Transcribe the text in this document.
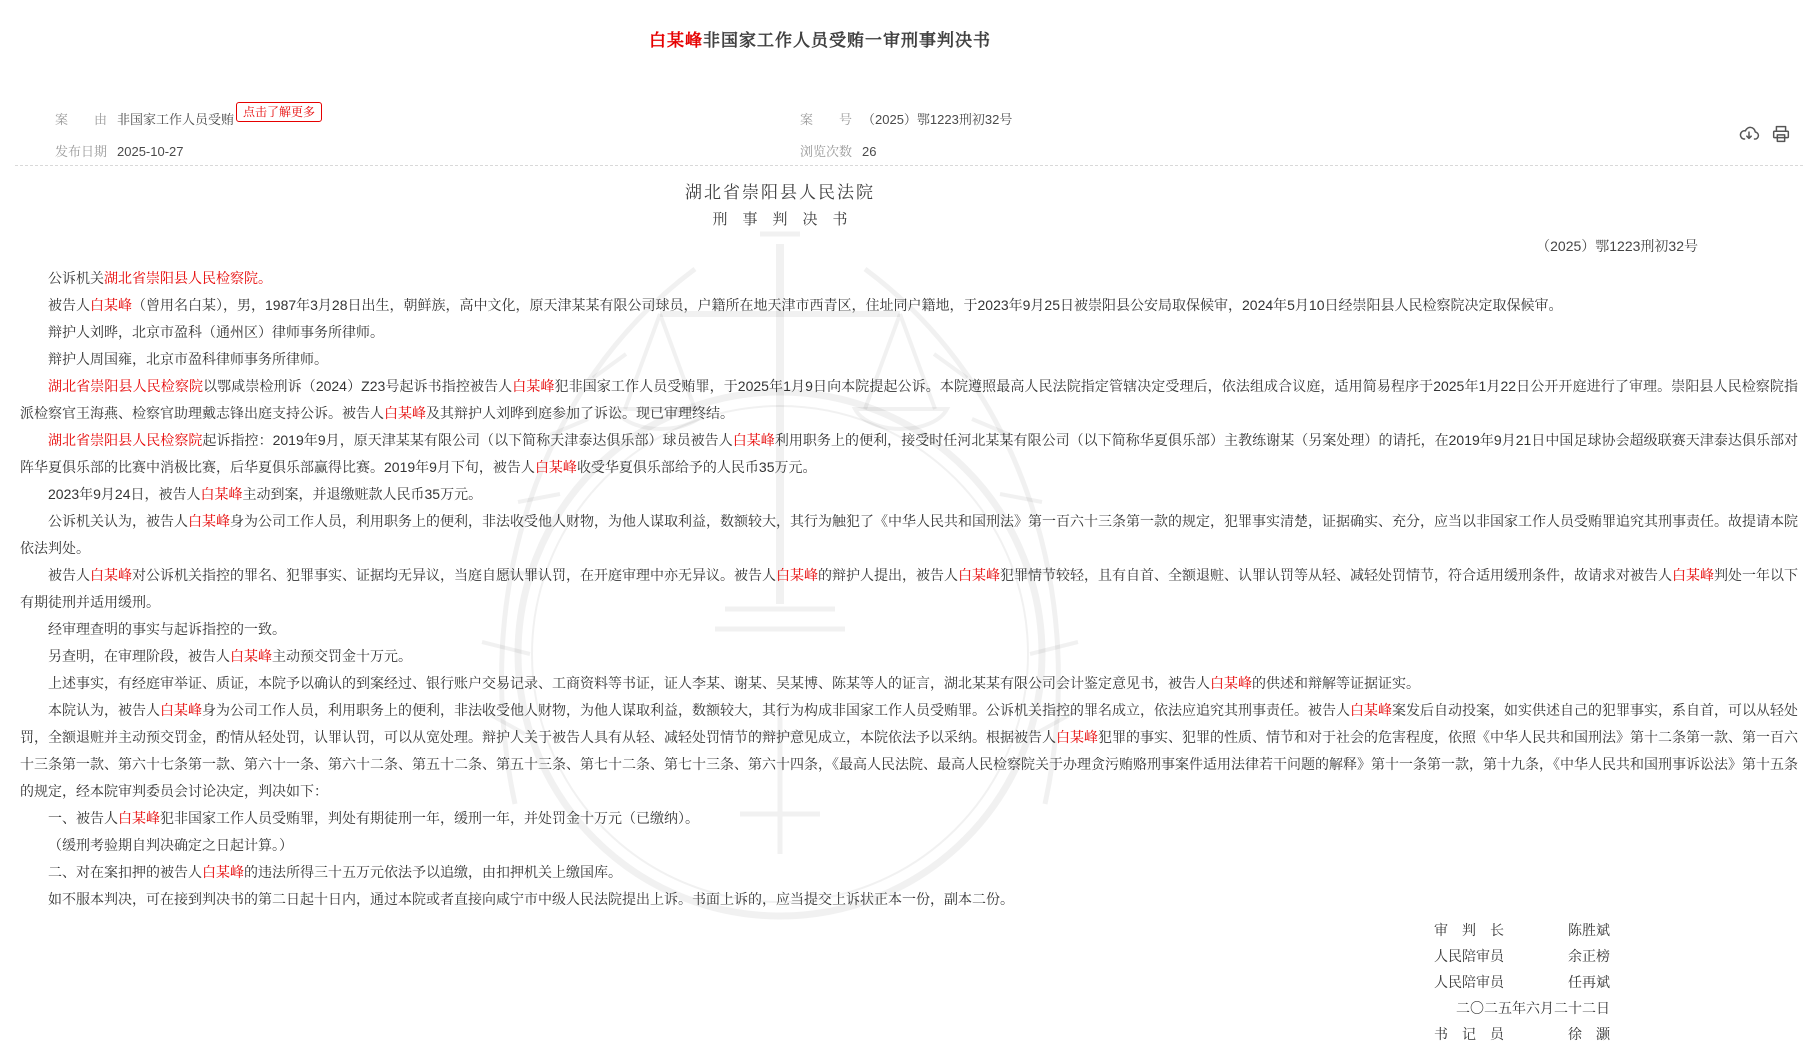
白某峰非国家工作人员受贿一审刑事判决书
案　　由 非国家工作人员受贿 点击了解更多	案　　号 （2025）鄂1223刑初32号
发布日期 2025-10-27	浏览次数 26
湖北省崇阳县人民法院
刑　事　判　决　书
（2025）鄂1223刑初32号
公诉机关湖北省崇阳县人民检察院。
被告人白某峰（曾用名白某），男，1987年3月28日出生，朝鲜族，高中文化，原天津某某有限公司球员，户籍所在地天津市西青区，住址同户籍地，于2023年9月25日被崇阳县公安局取保候审，2024年5月10日经崇阳县人民检察院决定取保候审。
辩护人刘晔，北京市盈科（通州区）律师事务所律师。
辩护人周国雍，北京市盈科律师事务所律师。
湖北省崇阳县人民检察院以鄂咸崇检刑诉（2024）Z23号起诉书指控被告人白某峰犯非国家工作人员受贿罪，于2025年1月9日向本院提起公诉。本院遵照最高人民法院指定管辖决定受理后，依法组成合议庭，适用简易程序于2025年1月22日公开开庭进行了审理。崇阳县人民检察院指派检察官王海燕、检察官助理戴志锋出庭支持公诉。被告人白某峰及其辩护人刘晔到庭参加了诉讼。现已审理终结。
湖北省崇阳县人民检察院起诉指控：2019年9月，原天津某某有限公司（以下简称天津泰达俱乐部）球员被告人白某峰利用职务上的便利，接受时任河北某某有限公司（以下简称华夏俱乐部）主教练谢某（另案处理）的请托，在2019年9月21日中国足球协会超级联赛天津泰达俱乐部对阵华夏俱乐部的比赛中消极比赛，后华夏俱乐部赢得比赛。2019年9月下旬，被告人白某峰收受华夏俱乐部给予的人民币35万元。
2023年9月24日，被告人白某峰主动到案，并退缴赃款人民币35万元。
公诉机关认为，被告人白某峰身为公司工作人员，利用职务上的便利，非法收受他人财物，为他人谋取利益，数额较大，其行为触犯了《中华人民共和国刑法》第一百六十三条第一款的规定，犯罪事实清楚，证据确实、充分，应当以非国家工作人员受贿罪追究其刑事责任。故提请本院依法判处。
被告人白某峰对公诉机关指控的罪名、犯罪事实、证据均无异议，当庭自愿认罪认罚，在开庭审理中亦无异议。被告人白某峰的辩护人提出，被告人白某峰犯罪情节较轻，且有自首、全额退赃、认罪认罚等从轻、减轻处罚情节，符合适用缓刑条件，故请求对被告人白某峰判处一年以下有期徒刑并适用缓刑。
经审理查明的事实与起诉指控的一致。
另查明，在审理阶段，被告人白某峰主动预交罚金十万元。
上述事实，有经庭审举证、质证，本院予以确认的到案经过、银行账户交易记录、工商资料等书证，证人李某、谢某、吴某博、陈某等人的证言，湖北某某有限公司会计鉴定意见书，被告人白某峰的供述和辩解等证据证实。
本院认为，被告人白某峰身为公司工作人员，利用职务上的便利，非法收受他人财物，为他人谋取利益，数额较大，其行为构成非国家工作人员受贿罪。公诉机关指控的罪名成立，依法应追究其刑事责任。被告人白某峰案发后自动投案，如实供述自己的犯罪事实，系自首，可以从轻处罚，全额退赃并主动预交罚金，酌情从轻处罚，认罪认罚，可以从宽处理。辩护人关于被告人具有从轻、减轻处罚情节的辩护意见成立，本院依法予以采纳。根据被告人白某峰犯罪的事实、犯罪的性质、情节和对于社会的危害程度，依照《中华人民共和国刑法》第十二条第一款、第一百六十三条第一款、第六十七条第一款、第六十一条、第六十二条、第五十二条、第五十三条、第七十二条、第七十三条、第六十四条，《最高人民法院、最高人民检察院关于办理贪污贿赂刑事案件适用法律若干问题的解释》第十一条第一款，第十九条，《中华人民共和国刑事诉讼法》第十五条的规定，经本院审判委员会讨论决定，判决如下：
一、被告人白某峰犯非国家工作人员受贿罪，判处有期徒刑一年，缓刑一年，并处罚金十万元（已缴纳）。
（缓刑考验期自判决确定之日起计算。）
二、对在案扣押的被告人白某峰的违法所得三十五万元依法予以追缴，由扣押机关上缴国库。
如不服本判决，可在接到判决书的第二日起十日内，通过本院或者直接向咸宁市中级人民法院提出上诉。书面上诉的，应当提交上诉状正本一份，副本二份。
审　判　长	陈胜斌
人民陪审员	余正榜
人民陪审员	任再斌
二〇二五年六月二十二日
书　记　员	徐　灏
